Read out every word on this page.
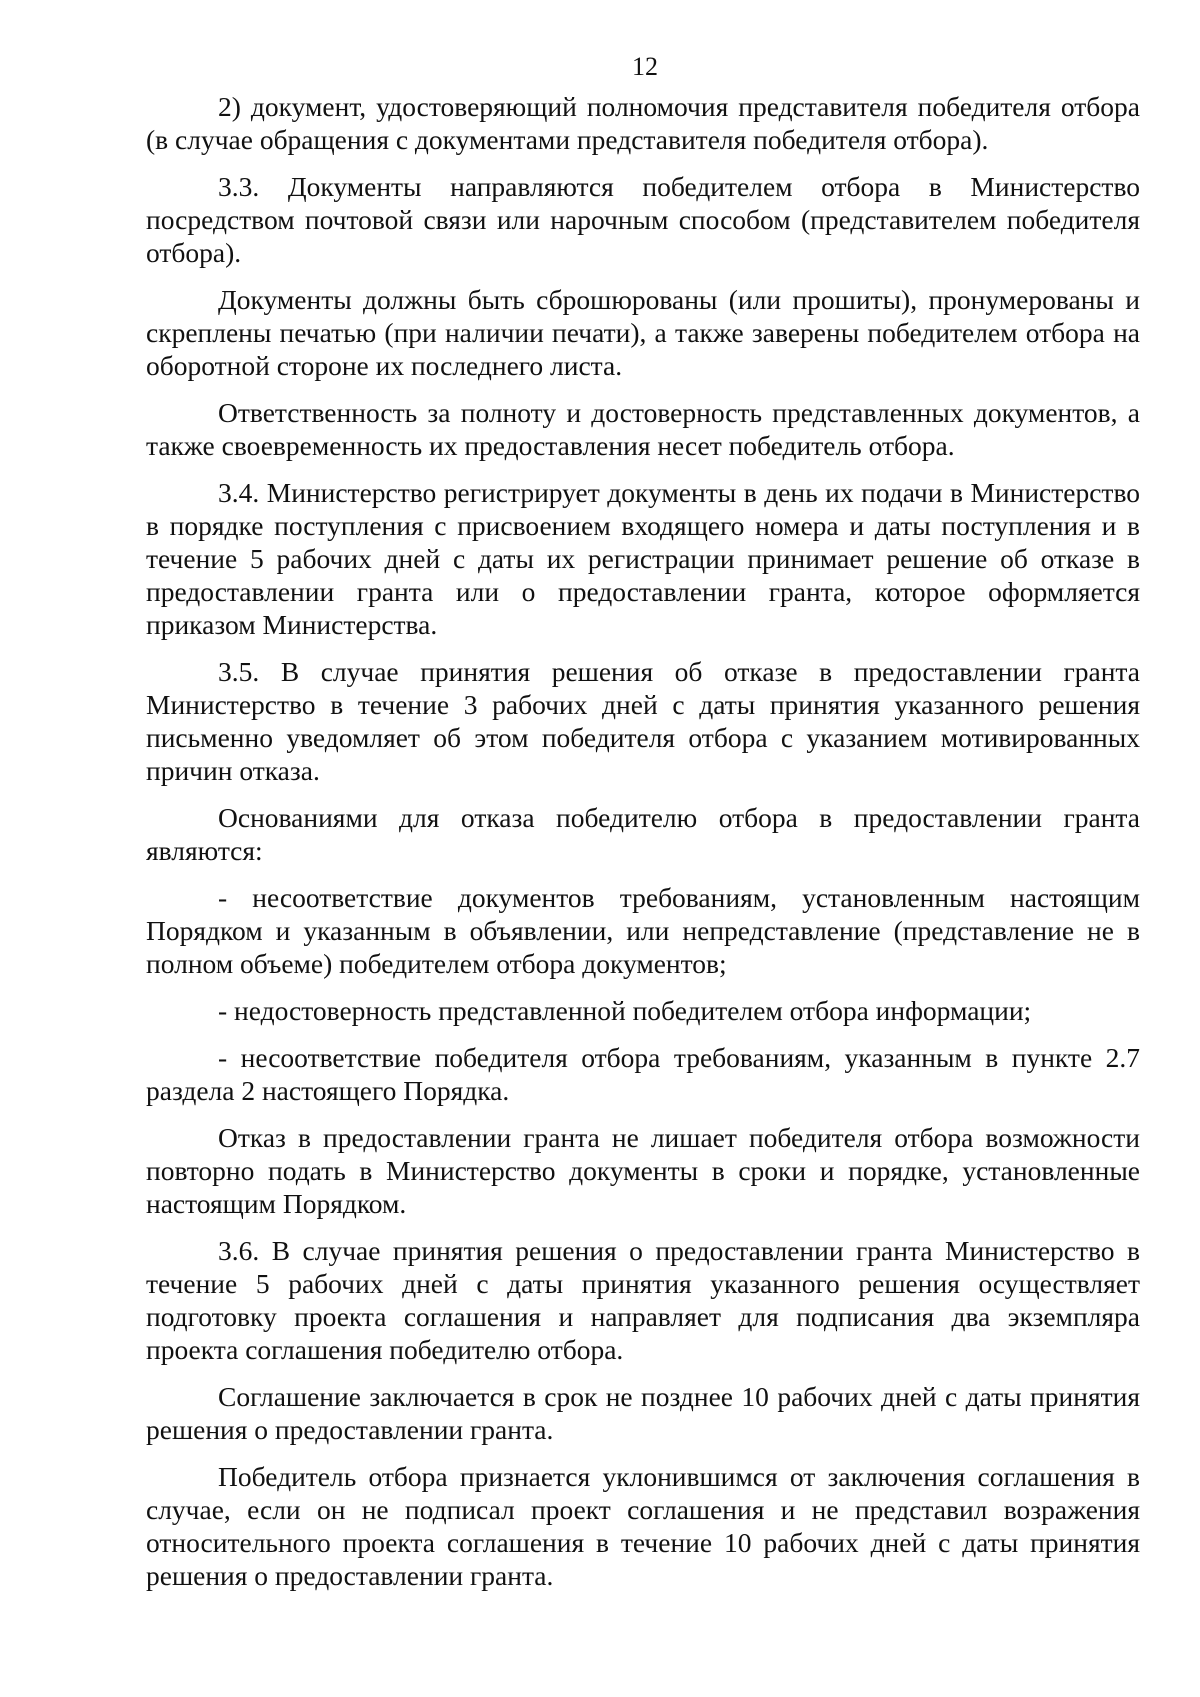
12

2) документ, удостоверяющий полномочия представителя победителя отбора (в случае обращения с документами представителя победителя отбора).

3.3. Документы направляются победителем отбора в Министерство посредством почтовой связи или нарочным способом (представителем победителя отбора).

Документы должны быть сброшюрованы (или прошиты), пронумерованы и скреплены печатью (при наличии печати), а также заверены победителем отбора на оборотной стороне их последнего листа.

Ответственность за полноту и достоверность представленных документов, а также своевременность их предоставления несет победитель отбора.

3.4. Министерство регистрирует документы в день их подачи в Министерство в порядке поступления с присвоением входящего номера и даты поступления и в течение 5 рабочих дней с даты их регистрации принимает решение об отказе в предоставлении гранта или о предоставлении гранта, которое оформляется приказом Министерства.

3.5. В случае принятия решения об отказе в предоставлении гранта Министерство в течение 3 рабочих дней с даты принятия указанного решения письменно уведомляет об этом победителя отбора с указанием мотивированных причин отказа.

Основаниями для отказа победителю отбора в предоставлении гранта являются:

- несоответствие документов требованиям, установленным настоящим Порядком и указанным в объявлении, или непредставление (представление не в полном объеме) победителем отбора документов;

- недостоверность представленной победителем отбора информации;

- несоответствие победителя отбора требованиям, указанным в пункте 2.7 раздела 2 настоящего Порядка.

Отказ в предоставлении гранта не лишает победителя отбора возможности повторно подать в Министерство документы в сроки и порядке, установленные настоящим Порядком.

3.6. В случае принятия решения о предоставлении гранта Министерство в течение 5 рабочих дней с даты принятия указанного решения осуществляет подготовку проекта соглашения и направляет для подписания два экземпляра проекта соглашения победителю отбора.

Соглашение заключается в срок не позднее 10 рабочих дней с даты принятия решения о предоставлении гранта.

Победитель отбора признается уклонившимся от заключения соглашения в случае, если он не подписал проект соглашения и не представил возражения относительного проекта соглашения в течение 10 рабочих дней с даты принятия решения о предоставлении гранта.
